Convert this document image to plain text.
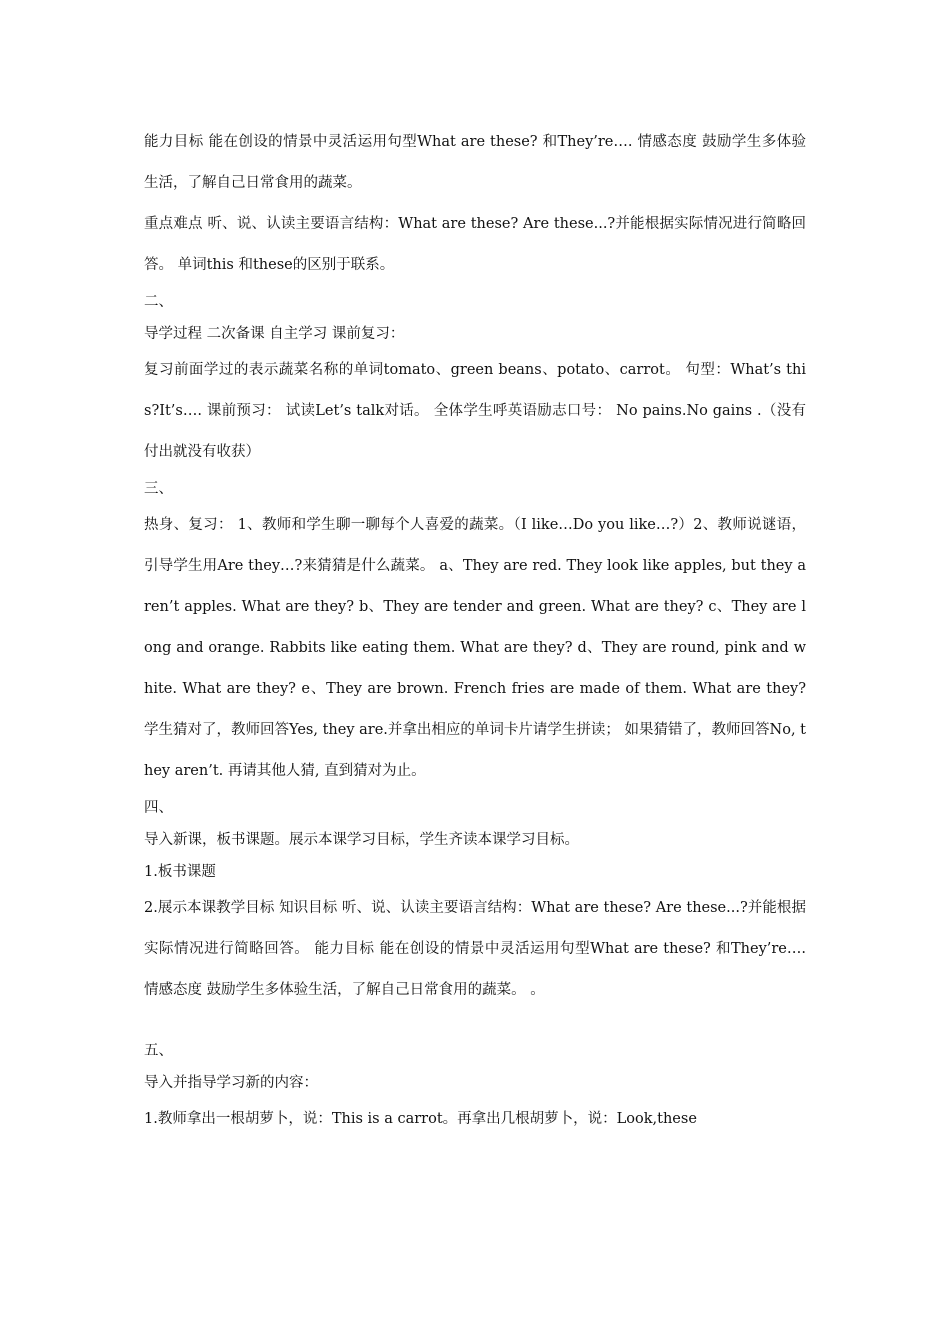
能力目标 能在创设的情景中灵活运用句型What are these? 和They’re…. 情感态度 鼓励学生多体验生活，了解自己日常食用的蔬菜。

重点难点 听、说、认读主要语言结构：What are these? Are these...?并能根据实际情况进行简略回答。 单词this 和these的区别于联系。

二、

导学过程 二次备课 自主学习 课前复习：

复习前面学过的表示蔬菜名称的单词tomato、green beans、potato、carrot。 句型：What’s this?It’s…. 课前预习： 试读Let’s talk对话。 全体学生呼英语励志口号： No pains.No gains .（没有付出就没有收获）

三、

热身、复习： 1、教师和学生聊一聊每个人喜爱的蔬菜。（I like…Do you like…?）2、教师说谜语，引导学生用Are they…?来猜猜是什么蔬菜。 a、They are red. They look like apples, but they aren’t apples. What are they? b、They are tender and green. What are they? c、They are long and orange. Rabbits like eating them. What are they? d、They are round, pink and white. What are they? e、They are brown. French fries are made of them. What are they? 学生猜对了，教师回答Yes, they are.并拿出相应的单词卡片请学生拼读； 如果猜错了，教师回答No, they aren’t. 再请其他人猜, 直到猜对为止。

四、

导入新课，板书课题。展示本课学习目标，学生齐读本课学习目标。

1.板书课题

2.展示本课教学目标 知识目标 听、说、认读主要语言结构：What are these? Are these...?并能根据实际情况进行简略回答。 能力目标 能在创设的情景中灵活运用句型What are these? 和They’re…. 情感态度 鼓励学生多体验生活，了解自己日常食用的蔬菜。 。

五、

导入并指导学习新的内容：

1.教师拿出一根胡萝卜，说：This is a carrot。再拿出几根胡萝卜，说：Look,these
